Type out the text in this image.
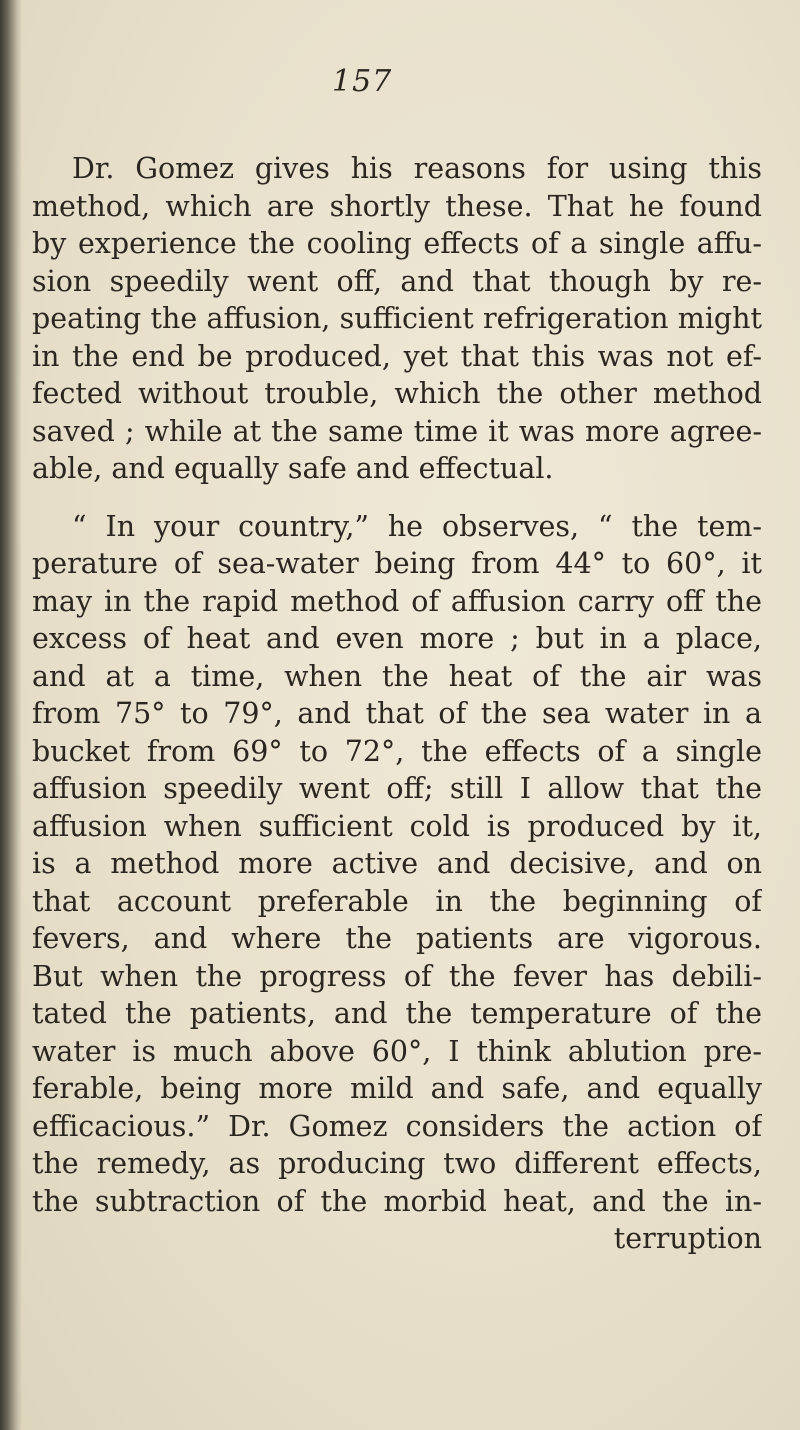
157
Dr. Gomez gives his reasons for using this
method, which are shortly these. That he found
by experience the cooling effects of a single affu-
sion speedily went off, and that though by re-
peating the affusion, sufficient refrigeration might
in the end be produced, yet that this was not ef-
fected without trouble, which the other method
saved ; while at the same time it was more agree-
able, and equally safe and effectual.
“ In your country,” he observes, “ the tem-
perature of sea-water being from 44° to 60°, it
may in the rapid method of affusion carry off the
excess of heat and even more ; but in a place,
and at a time, when the heat of the air was
from 75° to 79°, and that of the sea water in a
bucket from 69° to 72°, the effects of a single
affusion speedily went off; still I allow that the
affusion when sufficient cold is produced by it,
is a method more active and decisive, and on
that account preferable in the beginning of
fevers, and where the patients are vigorous.
But when the progress of the fever has debili-
tated the patients, and the temperature of the
water is much above 60°, I think ablution pre-
ferable, being more mild and safe, and equally
efficacious.” Dr. Gomez considers the action of
the remedy, as producing two different effects,
the subtraction of the morbid heat, and the in-
terruption
